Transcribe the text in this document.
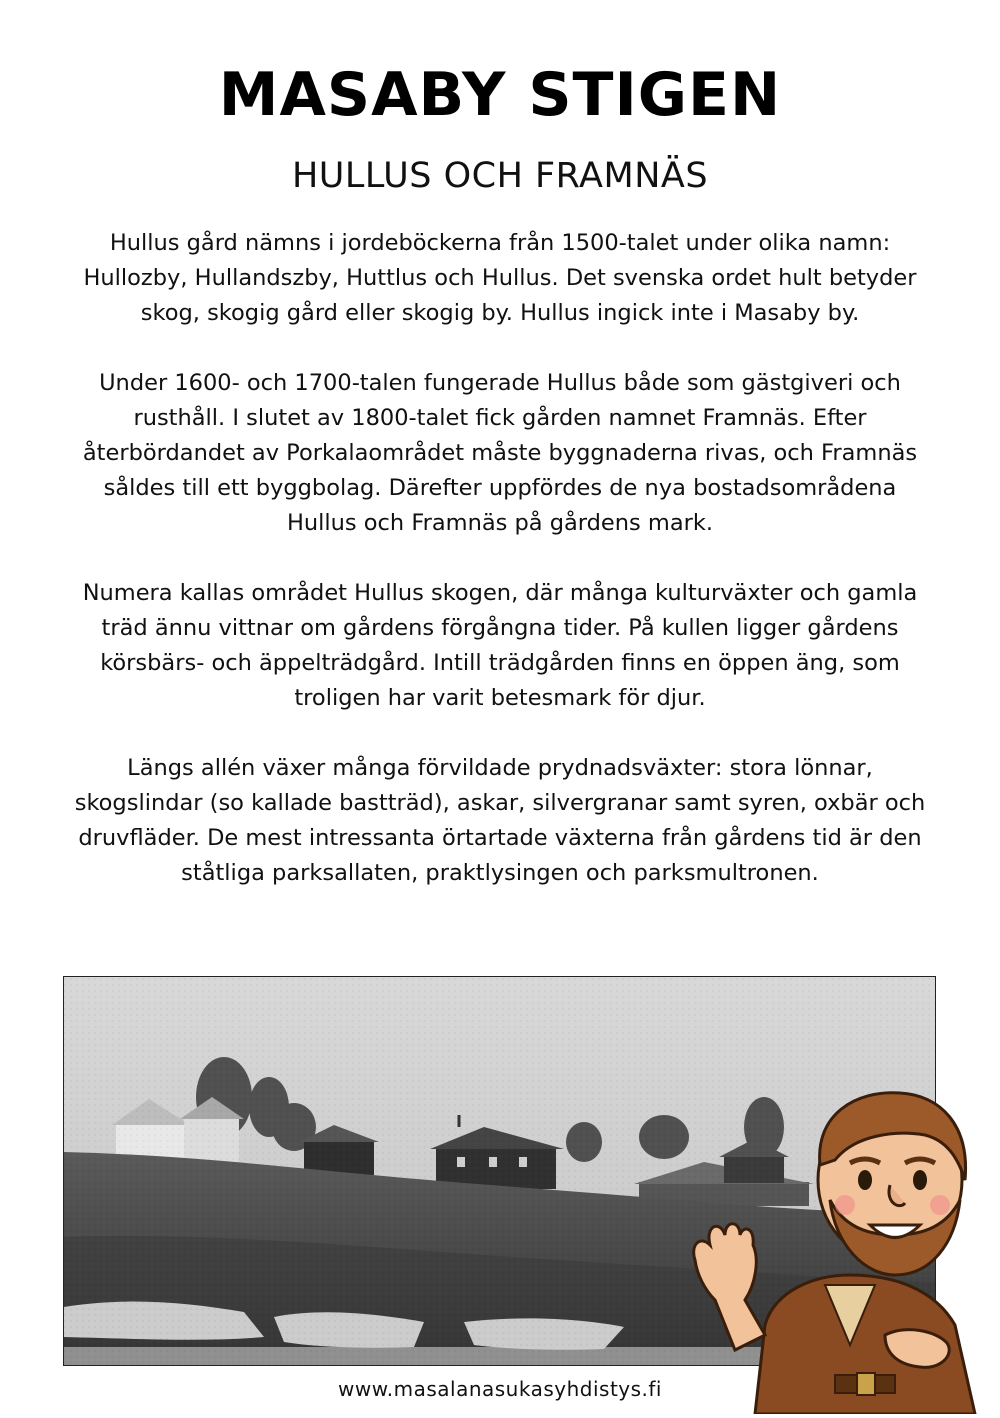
MASABY STIGEN
HULLUS OCH FRAMNÄS

Hullus gård nämns i jordeböckerna från 1500-talet under olika namn: Hullozby, Hullandszby, Huttlus och Hullus. Det svenska ordet hult betyder skog, skogig gård eller skogig by. Hullus ingick inte i Masaby by.

Under 1600- och 1700-talen fungerade Hullus både som gästgiveri och rusthåll. I slutet av 1800-talet fick gården namnet Framnäs. Efter återbördandet av Porkalaområdet måste byggnaderna rivas, och Framnäs såldes till ett byggbolag. Därefter uppfördes de nya bostadsområdena Hullus och Framnäs på gårdens mark.

Numera kallas området Hullus skogen, där många kulturväxter och gamla träd ännu vittnar om gårdens förgångna tider. På kullen ligger gårdens körsbärs- och äppelträdgård. Intill trädgården finns en öppen äng, som troligen har varit betesmark för djur.

Längs allén växer många förvildade prydnadsväxter: stora lönnar, skogslindar (so kallade bastträd), askar, silvergranar samt syren, oxbär och druvfläder. De mest intressanta örtartade växterna från gårdens tid är den ståtliga parksallaten, praktlysingen och parksmultronen.

www.masalanasukasyhdistys.fi
